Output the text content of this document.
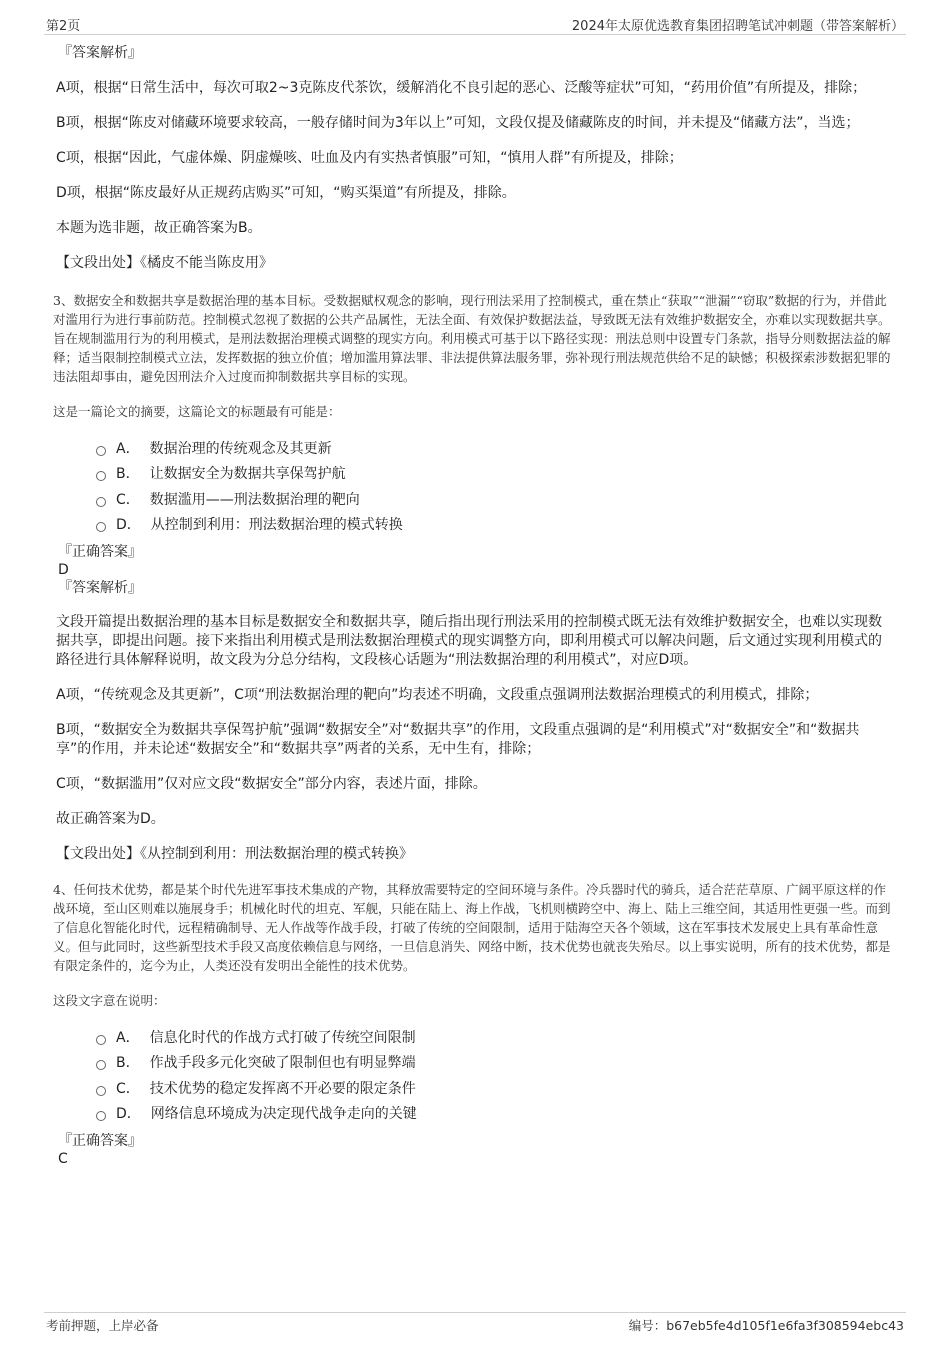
第2页	2024年太原优选教育集团招聘笔试冲刺题（带答案解析）
『答案解析』

A项，根据“日常生活中，每次可取2~3克陈皮代茶饮，缓解消化不良引起的恶心、泛酸等症状”可知，“药用价值”有所提及，排除；

B项，根据“陈皮对储藏环境要求较高，一般存储时间为3年以上”可知，文段仅提及储藏陈皮的时间，并未提及“储藏方法”，当选；

C项，根据“因此，气虚体燥、阴虚燥咳、吐血及内有实热者慎服”可知，“慎用人群”有所提及，排除；

D项，根据“陈皮最好从正规药店购买”可知，“购买渠道”有所提及，排除。

本题为选非题，故正确答案为B。

【文段出处】《橘皮不能当陈皮用》

3、数据安全和数据共享是数据治理的基本目标。受数据赋权观念的影响，现行刑法采用了控制模式，重在禁止“获取”“泄漏”“窃取”数据的行为，并借此对滥用行为进行事前防范。控制模式忽视了数据的公共产品属性，无法全面、有效保护数据法益，导致既无法有效维护数据安全，亦难以实现数据共享。旨在规制滥用行为的利用模式，是刑法数据治理模式调整的现实方向。利用模式可基于以下路径实现：刑法总则中设置专门条款，指导分则数据法益的解释；适当限制控制模式立法，发挥数据的独立价值；增加滥用算法罪、非法提供算法服务罪，弥补现行刑法规范供给不足的缺憾；积极探索涉数据犯罪的违法阻却事由，避免因刑法介入过度而抑制数据共享目标的实现。

这是一篇论文的摘要，这篇论文的标题最有可能是：

A． 数据治理的传统观念及其更新
B． 让数据安全为数据共享保驾护航
C． 数据滥用——刑法数据治理的靶向
D． 从控制到利用：刑法数据治理的模式转换
『正确答案』
D
『答案解析』

文段开篇提出数据治理的基本目标是数据安全和数据共享，随后指出现行刑法采用的控制模式既无法有效维护数据安全，也难以实现数据共享，即提出问题。接下来指出利用模式是刑法数据治理模式的现实调整方向，即利用模式可以解决问题，后文通过实现利用模式的路径进行具体解释说明，故文段为分总分结构，文段核心话题为“刑法数据治理的利用模式”，对应D项。

A项，“传统观念及其更新”，C项“刑法数据治理的靶向”均表述不明确，文段重点强调刑法数据治理模式的利用模式，排除；

B项，“数据安全为数据共享保驾护航”强调“数据安全”对“数据共享”的作用，文段重点强调的是“利用模式”对“数据安全”和“数据共享”的作用，并未论述“数据安全”和“数据共享”两者的关系，无中生有，排除；

C项，“数据滥用”仅对应文段“数据安全”部分内容，表述片面，排除。

故正确答案为D。

【文段出处】《从控制到利用：刑法数据治理的模式转换》

4、任何技术优势，都是某个时代先进军事技术集成的产物，其释放需要特定的空间环境与条件。冷兵器时代的骑兵，适合茫茫草原、广阔平原这样的作战环境，至山区则难以施展身手；机械化时代的坦克、军舰，只能在陆上、海上作战，飞机则横跨空中、海上、陆上三维空间，其适用性更强一些。而到了信息化智能化时代，远程精确制导、无人作战等作战手段，打破了传统的空间限制，适用于陆海空天各个领域，这在军事技术发展史上具有革命性意义。但与此同时，这些新型技术手段又高度依赖信息与网络，一旦信息消失、网络中断，技术优势也就丧失殆尽。以上事实说明，所有的技术优势，都是有限定条件的，迄今为止，人类还没有发明出全能性的技术优势。

这段文字意在说明：

A． 信息化时代的作战方式打破了传统空间限制
B． 作战手段多元化突破了限制但也有明显弊端
C． 技术优势的稳定发挥离不开必要的限定条件
D． 网络信息环境成为决定现代战争走向的关键
『正确答案』
C
考前押题，上岸必备	编号：b67eb5fe4d105f1e6fa3f308594ebc43
